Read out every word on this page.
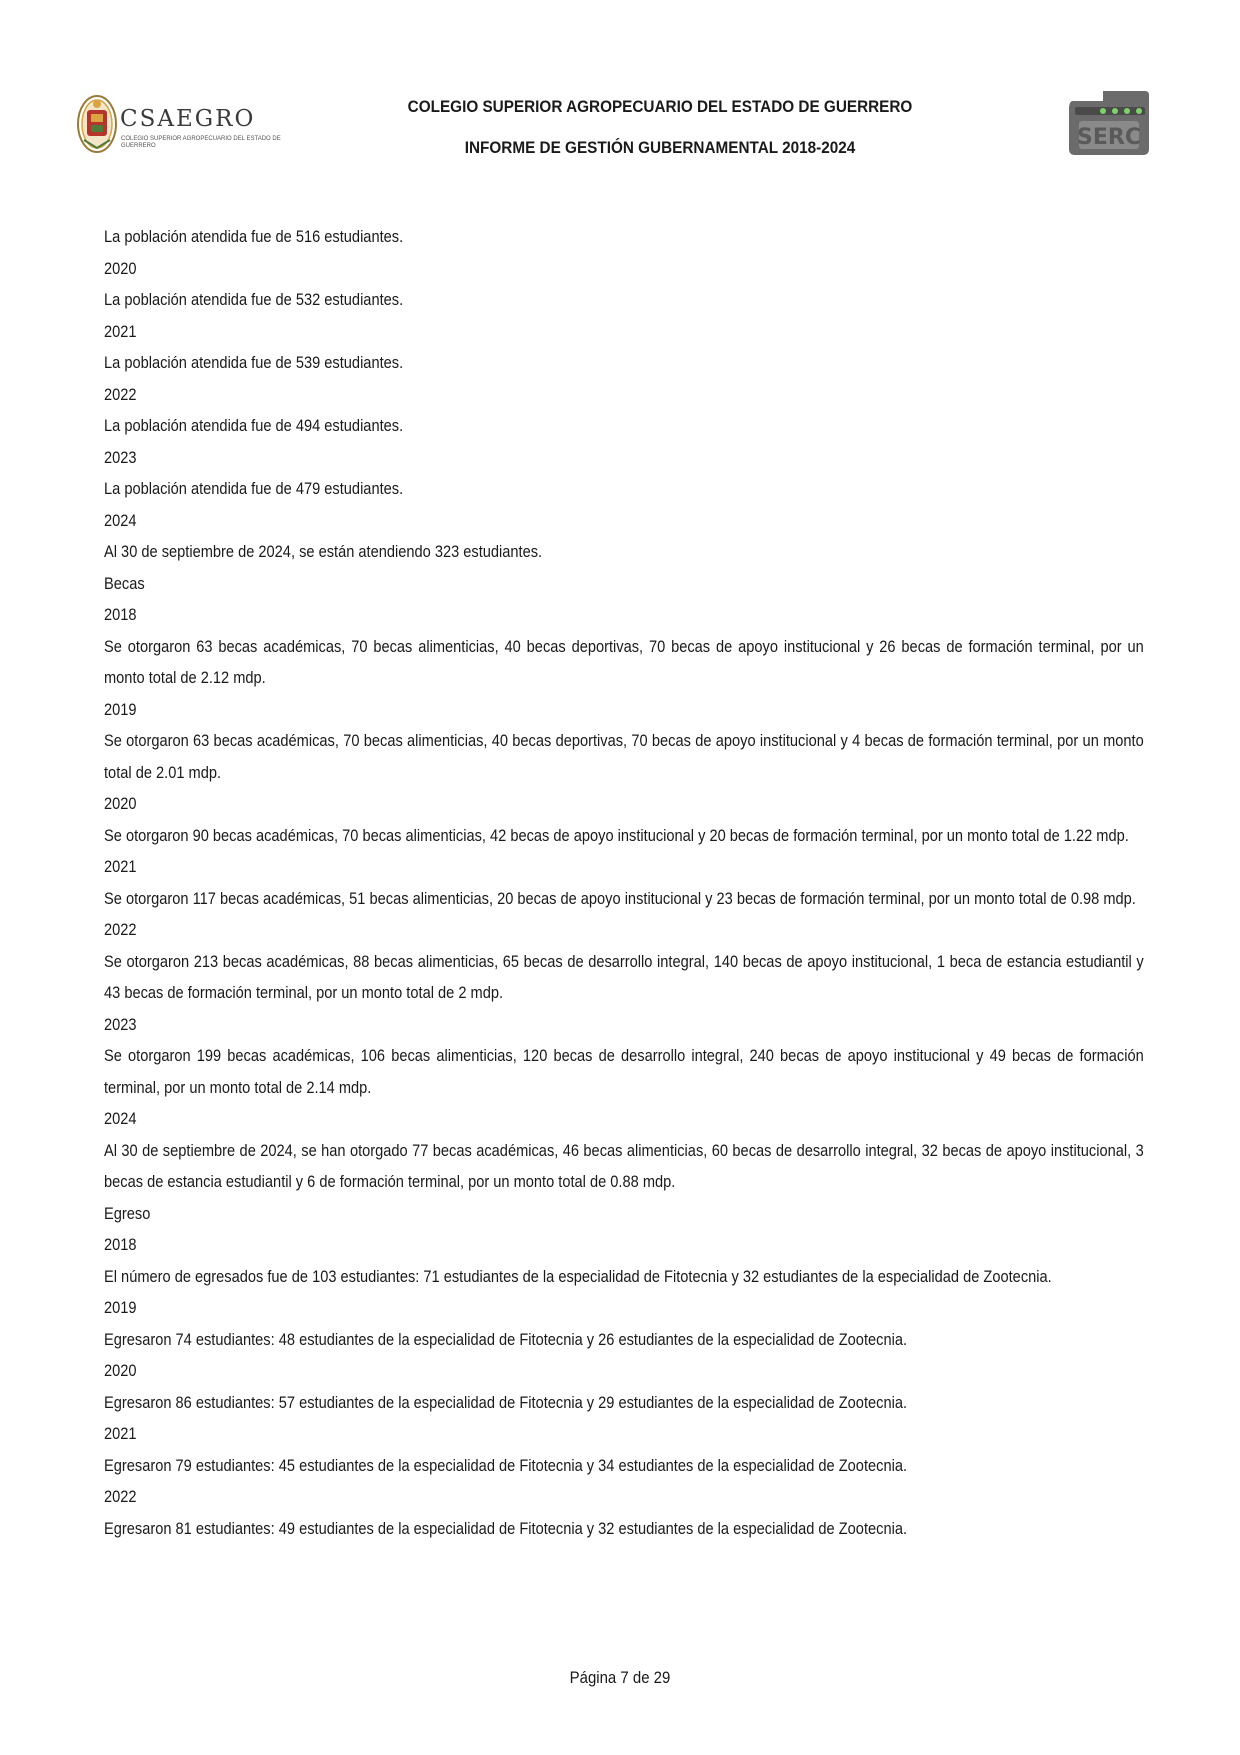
CSAEGRO
COLEGIO SUPERIOR AGROPECUARIO DEL ESTADO DE GUERRERO
COLEGIO SUPERIOR AGROPECUARIO DEL ESTADO DE GUERRERO
INFORME DE GESTIÓN GUBERNAMENTAL 2018-2024	SERC

La población atendida fue de 516 estudiantes.

2020

La población atendida fue de 532 estudiantes.

2021

La población atendida fue de 539 estudiantes.

2022

La población atendida fue de 494 estudiantes.

2023

La población atendida fue de 479 estudiantes.

2024

Al 30 de septiembre de 2024, se están atendiendo 323 estudiantes.

Becas

2018

Se otorgaron 63 becas académicas, 70 becas alimenticias, 40 becas deportivas, 70 becas de apoyo institucional y 26 becas de formación terminal, por un monto total de 2.12 mdp.

2019

Se otorgaron 63 becas académicas, 70 becas alimenticias, 40 becas deportivas, 70 becas de apoyo institucional y 4 becas de formación terminal, por un monto total de 2.01 mdp.

2020

Se otorgaron 90 becas académicas, 70 becas alimenticias, 42 becas de apoyo institucional y 20 becas de formación terminal, por un monto total de 1.22 mdp.

2021

Se otorgaron 117 becas académicas, 51 becas alimenticias, 20 becas de apoyo institucional y 23 becas de formación terminal, por un monto total de 0.98 mdp.

2022

Se otorgaron 213 becas académicas, 88 becas alimenticias, 65 becas de desarrollo integral, 140 becas de apoyo institucional, 1 beca de estancia estudiantil y 43 becas de formación terminal, por un monto total de 2 mdp.

2023

Se otorgaron 199 becas académicas, 106 becas alimenticias, 120 becas de desarrollo integral, 240 becas de apoyo institucional y 49 becas de formación terminal, por un monto total de 2.14 mdp.

2024

Al 30 de septiembre de 2024, se han otorgado 77 becas académicas, 46 becas alimenticias, 60 becas de desarrollo integral, 32 becas de apoyo institucional, 3 becas de estancia estudiantil y 6 de formación terminal, por un monto total de 0.88 mdp.

Egreso

2018

El número de egresados fue de 103 estudiantes: 71 estudiantes de la especialidad de Fitotecnia y 32 estudiantes de la especialidad de Zootecnia.

2019

Egresaron 74 estudiantes: 48 estudiantes de la especialidad de Fitotecnia y 26 estudiantes de la especialidad de Zootecnia.

2020

Egresaron 86 estudiantes: 57 estudiantes de la especialidad de Fitotecnia y 29 estudiantes de la especialidad de Zootecnia.

2021

Egresaron 79 estudiantes: 45 estudiantes de la especialidad de Fitotecnia y 34 estudiantes de la especialidad de Zootecnia.

2022

Egresaron 81 estudiantes: 49 estudiantes de la especialidad de Fitotecnia y 32 estudiantes de la especialidad de Zootecnia.

Página 7 de 29
